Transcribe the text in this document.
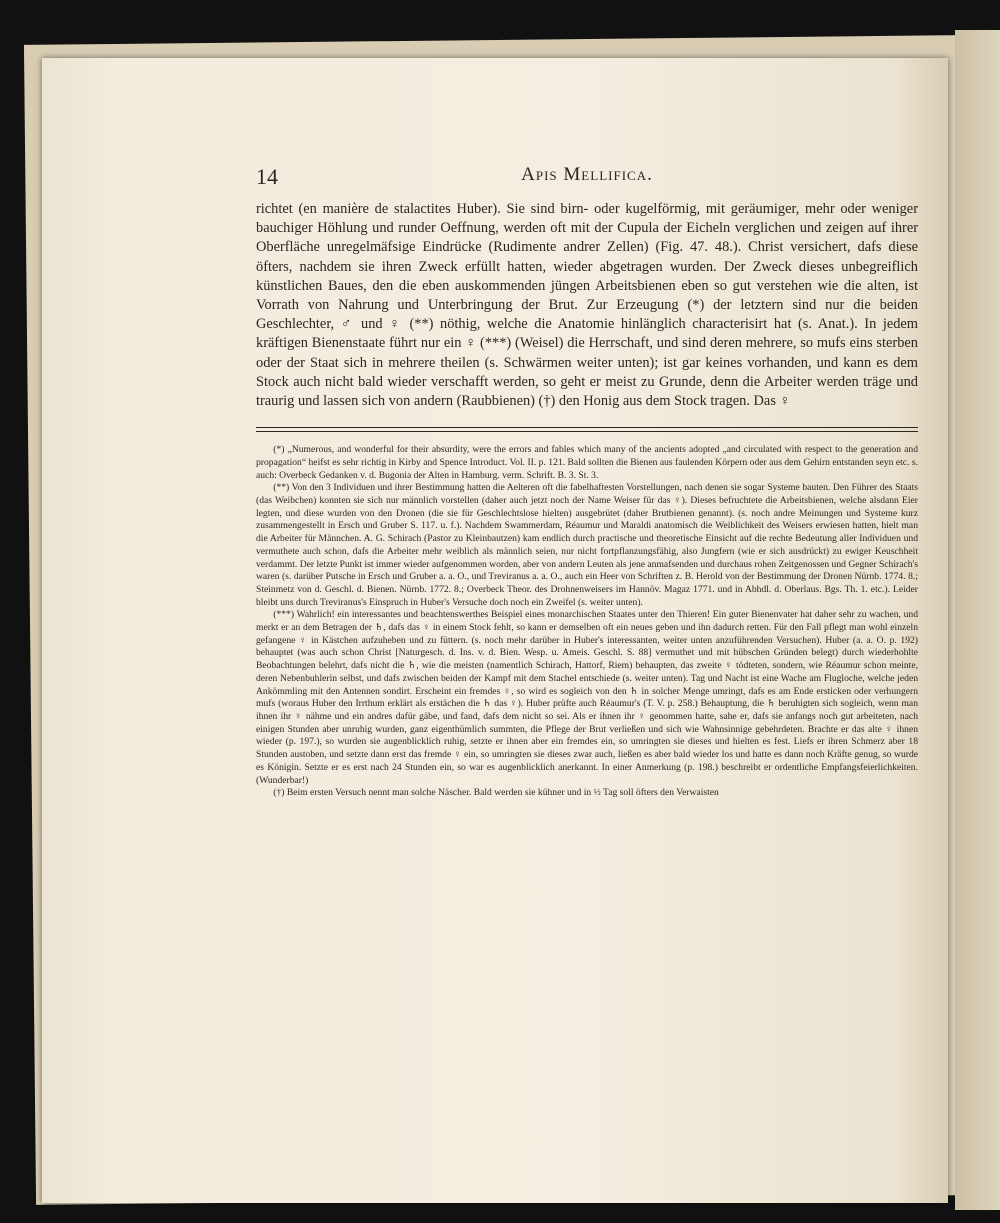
14	Apis Mellifica.
richtet (en manière de stalactites Huber). Sie sind birn- oder kugelförmig, mit geräumiger, mehr oder weniger bauchiger Höhlung und runder Oeffnung, werden oft mit der Cupula der Eicheln verglichen und zeigen auf ihrer Oberfläche unregelmäfsige Eindrücke (Rudimente andrer Zellen) (Fig. 47. 48.). Christ versichert, dafs diese öfters, nachdem sie ihren Zweck erfüllt hatten, wieder abgetragen wurden. Der Zweck dieses unbegreiflich künstlichen Baues, den die eben auskommenden jüngen Arbeitsbienen eben so gut verstehen wie die alten, ist Vorrath von Nahrung und Unterbringung der Brut. Zur Erzeugung (*) der letztern sind nur die beiden Geschlechter, ♂ und ♀ (**) nöthig, welche die Anatomie hinlänglich characterisirt hat (s. Anat.). In jedem kräftigen Bienenstaate führt nur ein ♀ (***) (Weisel) die Herrschaft, und sind deren mehrere, so mufs eins sterben oder der Staat sich in mehrere theilen (s. Schwärmen weiter unten); ist gar keines vorhanden, und kann es dem Stock auch nicht bald wieder verschafft werden, so geht er meist zu Grunde, denn die Arbeiter werden träge und traurig und lassen sich von andern (Raubbienen) (†) den Honig aus dem Stock tragen. Das ♀

(*) „Numerous, and wonderful for their absurdity, were the errors and fables which many of the ancients adopted „and circulated with respect to the generation and propagation“ heifst es sehr richtig in Kirby and Spence Introduct. Vol. II. p. 121. Bald sollten die Bienen aus faulenden Körpern oder aus dem Gehirn entstanden seyn etc. s. auch: Overbeck Gedanken v. d. Bugonia der Alten in Hamburg. verm. Schrift. B. 3. St. 3.

(**) Von den 3 Individuen und ihrer Bestimmung hatten die Aelteren oft die fabelhaftesten Vorstellungen, nach denen sie sogar Systeme bauten. Den Führer des Staats (das Weibchen) konnten sie sich nur männlich vorstellen (daher auch jetzt noch der Name Weiser für das ♀). Dieses befruchtete die Arbeitsbienen, welche alsdann Eier legten, und diese wurden von den Dronen (die sie für Geschlechtslose hielten) ausgebrütet (daher Brutbienen genannt). (s. noch andre Meinungen und Systeme kurz zusammengestellt in Ersch und Gruber S. 117. u. f.). Nachdem Swammerdam, Réaumur und Maraldi anatomisch die Weiblichkeit des Weisers erwiesen hatten, hielt man die Arbeiter für Männchen. A. G. Schirach (Pastor zu Kleinbautzen) kam endlich durch practische und theoretische Einsicht auf die rechte Bedeutung aller Individuen und vermuthete auch schon, dafs die Arbeiter mehr weiblich als männlich seien, nur nicht fortpflanzungsfähig, also Jungfern (wie er sich ausdrückt) zu ewiger Keuschheit verdammt. Der letzte Punkt ist immer wieder aufgenommen worden, aber von andern Leuten als jene anmafsenden und durchaus rohen Zeitgenossen und Gegner Schirach's waren (s. darüber Putsche in Ersch und Gruber a. a. O., und Treviranus a. a. O., auch ein Heer von Schriften z. B. Herold von der Bestimmung der Dronen Nürnb. 1774. 8.; Steinmetz von d. Geschl. d. Bienen. Nürnb. 1772. 8.; Overbeck Theor. des Drohnenweisers im Hannöv. Magaz 1771. und in Abhdl. d. Oberlaus. Bgs. Th. 1. etc.). Leider bleibt uns durch Treviranus's Einspruch in Huber's Versuche doch noch ein Zweifel (s. weiter unten).

(***) Wahrlich! ein interessantes und beachtenswerthes Beispiel eines monarchischen Staates unter den Thieren! Ein guter Bienenvater hat daher sehr zu wachen, und merkt er an dem Betragen der ♄, dafs das ♀ in einem Stock fehlt, so kann er demselben oft ein neues geben und ihn dadurch retten. Für den Fall pflegt man wohl einzeln gefangene ♀ in Kästchen aufzuheben und zu füttern. (s. noch mehr darüber in Huber's interessanten, weiter unten anzuführenden Versuchen). Huber (a. a. O. p. 192) behauptet (was auch schon Christ [Naturgesch. d. Ins. v. d. Bien. Wesp. u. Ameis. Geschl. S. 88] vermuthet und mit hübschen Gründen belegt) durch wiederhohlte Beobachtungen belehrt, dafs nicht die ♄, wie die meisten (namentlich Schirach, Hattorf, Riem) behaupten, das zweite ♀ tödteten, sondern, wie Réaumur schon meinte, deren Nebenbuhlerin selbst, und dafs zwischen beiden der Kampf mit dem Stachel entschiede (s. weiter unten). Tag und Nacht ist eine Wache am Flugloche, welche jeden Ankömmling mit den Antennen sondirt. Erscheint ein fremdes ♀, so wird es sogleich von den ♄ in solcher Menge umringt, dafs es am Ende ersticken oder verhungern mufs (woraus Huber den Irrthum erklärt als erstächen die ♄ das ♀). Huber prüfte auch Réaumur's (T. V. p. 258.) Behauptung, die ♄ beruhigten sich sogleich, wenn man ihnen ihr ♀ nähme und ein andres dafür gäbe, und fand, dafs dem nicht so sei. Als er ihnen ihr ♀ genommen hatte, sahe er, dafs sie anfangs noch gut arbeiteten, nach einigen Stunden aber unruhig wurden, ganz eigenthümlich summten, die Pflege der Brut verließen und sich wie Wahnsinnige gebehrdeten. Brachte er das alte ♀ ihnen wieder (p. 197.), so wurden sie augenblicklich ruhig, setzte er ihnen aber ein fremdes ein, so umringten sie dieses und hielten es fest. Liefs er ihren Schmerz aber 18 Stunden austoben, und setzte dann erst das fremde ♀ ein, so umringten sie dieses zwar auch, ließen es aber bald wieder los und hatte es dann noch Kräfte genug, so wurde es Königin. Setzte er es erst nach 24 Stunden ein, so war es augenblicklich anerkannt. In einer Anmerkung (p. 198.) beschreibt er ordentliche Empfangsfeierlichkeiten. (Wunderbar!)

(†) Beim ersten Versuch nennt man solche Näscher. Bald werden sie kühner und in ½ Tag soll öfters den Verwaisten
